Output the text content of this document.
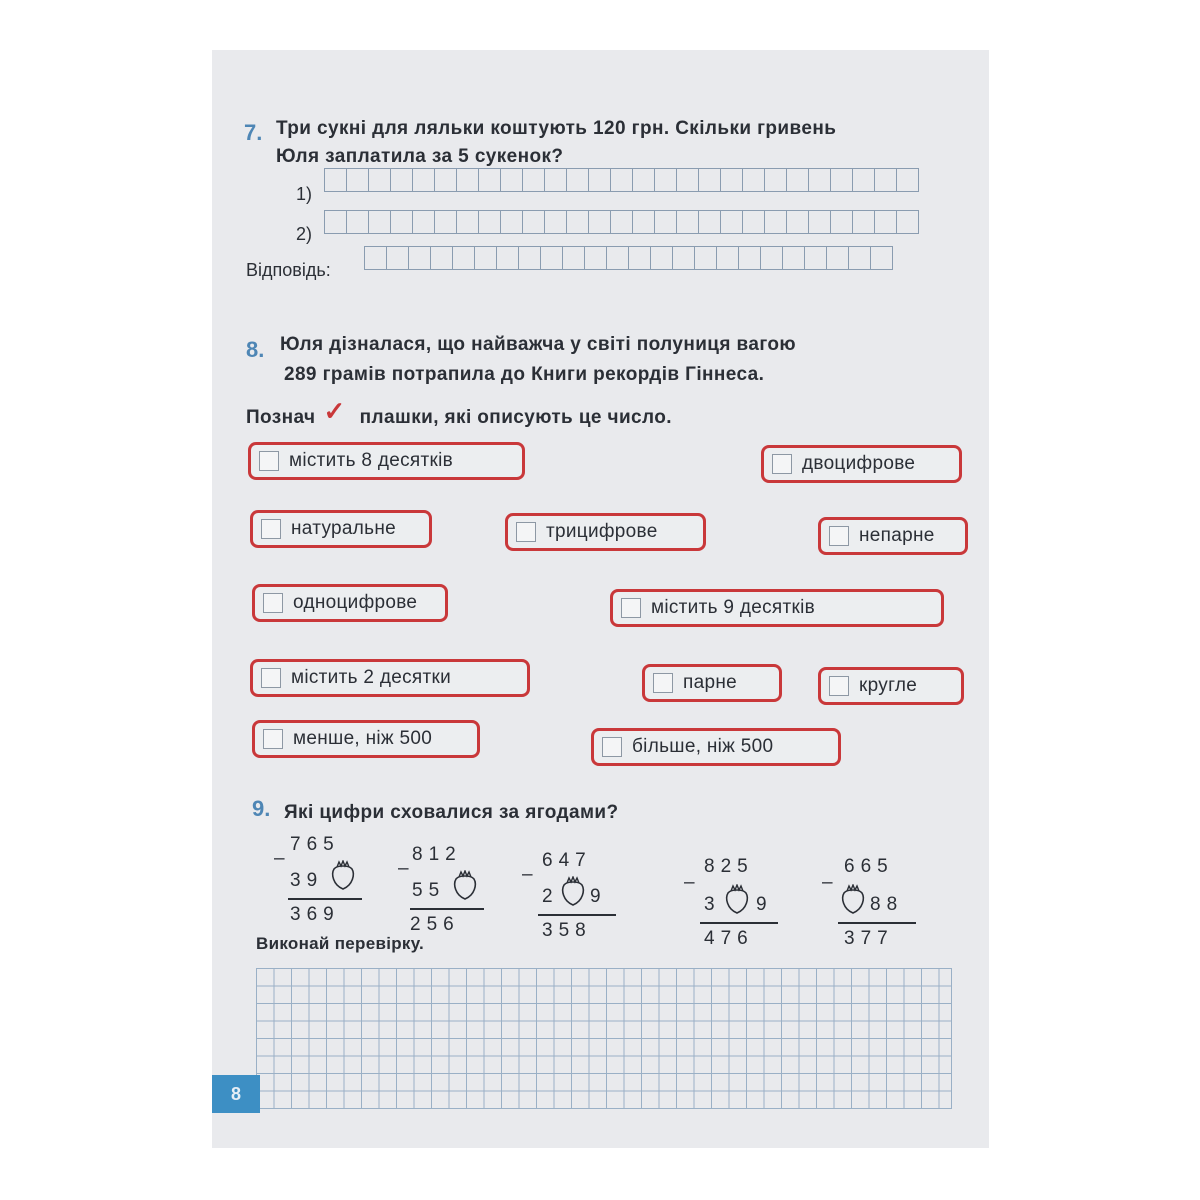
7. Три сукні для ляльки коштують 120 грн. Скільки гривень
Юля заплатила за 5 сукенок?
1)
2)
Відповідь:
8. Юля дізналася, що найважча у світі полуниця вагою
289 грамів потрапила до Книги рекордів Гіннеса.
Познач ✓ плашки, які описують це число.
містить 8 десятків	двоцифрове
натуральне	трицифрове	непарне
одноцифрове	містить 9 десятків
містить 2 десятки	парне	кругле
менше, ніж 500	більше, ніж 500
9. Які цифри сховалися за ягодами?
–
765
39
369
–
812
55
256
–
647
2 9
358
–
825
3 9
476
–
665
88
377
Виконай перевірку.
8
